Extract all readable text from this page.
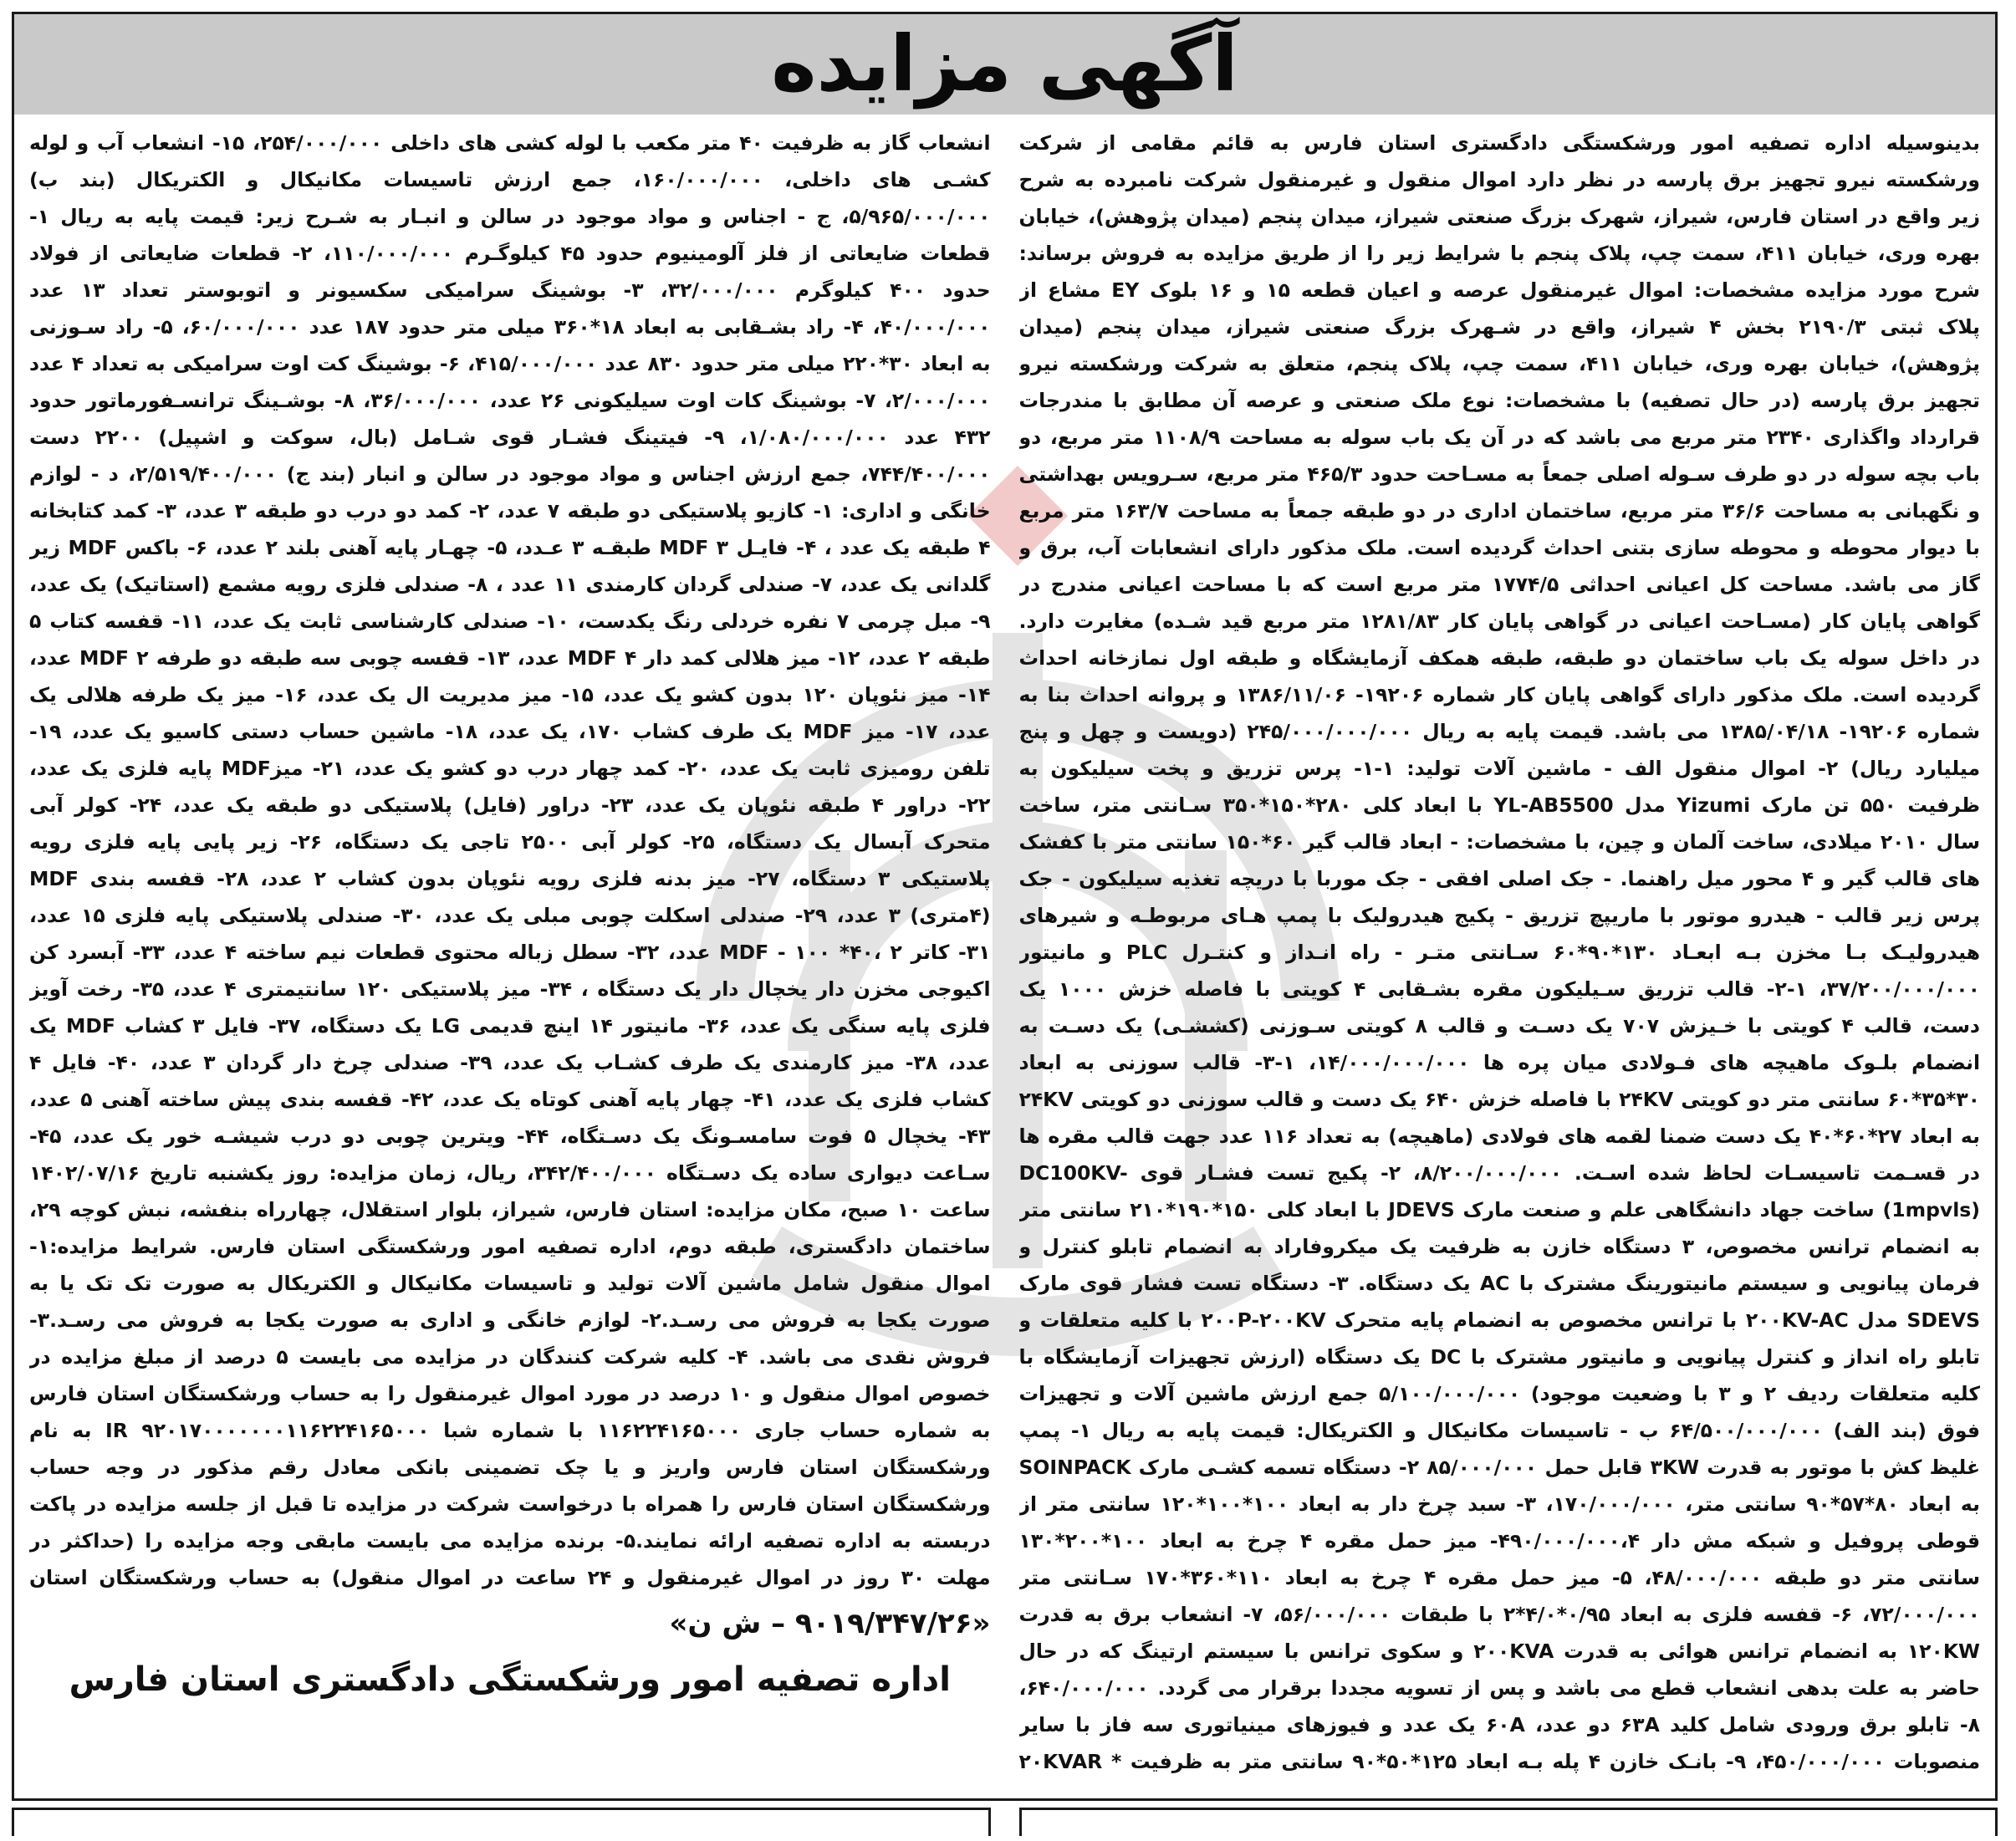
آگهی مزایده

بدینوسیله اداره تصفیه امور ورشکستگی دادگستری استان فارس به قائم مقامی از شرکت ورشکسته نیرو تجهیز برق پارسه در نظر دارد اموال منقول و غیرمنقول شرکت نامبرده به شرح زیر واقع در استان فارس، شیراز، شهرک بزرگ صنعتی شیراز، میدان پنجم (میدان پژوهش)، خیابان بهره وری، خیابان ۴۱۱، سمت چپ، پلاک پنجم با شرایط زیر را از طریق مزایده به فروش برساند: شرح مورد مزایده مشخصات: اموال غیرمنقول عرصه و اعیان قطعه ۱۵ و ۱۶ بلوک EY مشاع از پلاک ثبتی ۲۱۹۰/۳ بخش ۴ شیراز، واقع در شـهرک بزرگ صنعتی شیراز، میدان پنجم (میدان پژوهش)، خیابان بهره وری، خیابان ۴۱۱، سمت چپ، پلاک پنجم، متعلق به شرکت ورشکسته نیرو تجهیز برق پارسه (در حال تصفیه) با مشخصات: نوع ملک صنعتی و عرصه آن مطابق با مندرجات قرارداد واگذاری ۲۳۴۰ متر مربع می باشد که در آن یک باب سوله به مساحت ۱۱۰۸/۹ متر مربع، دو باب بچه سوله در دو طرف سـوله اصلی جمعاً به مسـاحت حدود ۴۶۵/۳ متر مربع، سـرویس بهداشتی و نگهبانی به مساحت ۳۶/۶ متر مربع، ساختمان اداری در دو طبقه جمعاً به مساحت ۱۶۳/۷ متر مربع با دیوار محوطه و محوطه سازی بتنی احداث گردیده است. ملک مذکور دارای انشعابات آب، برق و گاز می باشد. مساحت کل اعیانی احداثی ۱۷۷۴/۵ متر مربع است که با مساحت اعیانی مندرج در گواهی پایان کار (مسـاحت اعیانی در گواهی پایان کار ۱۲۸۱/۸۳ متر مربع قید شـده) مغایرت دارد. در داخل سوله یک باب ساختمان دو طبقه، طبقه همکف آزمایشگاه و طبقه اول نمازخانه احداث گردیده است. ملک مذکور دارای گواهی پایان کار شماره ۱۹۲۰۶- ۱۳۸۶/۱۱/۰۶ و پروانه احداث بنا به شماره ۱۹۲۰۶- ۱۳۸۵/۰۴/۱۸ می باشد. قیمت پایه به ریال ۲۴۵/۰۰۰/۰۰۰/۰۰۰ (دویست و چهل و پنج میلیارد ریال) ۲- اموال منقول الف - ماشین آلات تولید: ۱-۱- پرس تزریق و پخت سیلیکون به ظرفیت ۵۵۰ تن مارک Yizumi مدل YL-AB5500 با ابعاد کلی ۲۸۰*۱۵۰*۳۵۰ سـانتی متر، ساخت سال ۲۰۱۰ میلادی، ساخت آلمان و چین، با مشخصات: - ابعاد قالب گیر ۶۰*۱۵۰ سانتی متر با کفشک های قالب گیر و ۴ محور میل راهنما. - جک اصلی افقی - جک موربا با دریچه تغذیه سیلیکون - جک پرس زیر قالب - هیدرو موتور با ماریپچ تزریق - پکیج هیدرولیک با پمپ هـای مربوطـه و شیرهای هیدرولیـک بـا مخزن بـه ابعـاد ۱۳۰*۹۰*۶۰ سـانتی متـر - راه انـداز و کنتـرل PLC و مانیتور ۳۷/۲۰۰/۰۰۰/۰۰۰، ۱-۲- قالب تزریق سـیلیکون مقره بشـقابی ۴ کویتی با فاصله خزش ۱۰۰۰ یک دست، قالب ۴ کویتی با خـیزش ۷۰۷ یک دسـت و قالب ۸ کویتی سـوزنی (کششـی) یک دسـت به انضمام بلـوک ماهیچه های فـولادی میان پره ها ۱۴/۰۰۰/۰۰۰/۰۰۰، ۱-۳- قالب سوزنی به ابعاد ۳۰*۳۵*۶۰ سانتی متر دو کویتی ۲۴KV با فاصله خزش ۶۴۰ یک دست و قالب سوزنی دو کویتی ۲۴KV به ابعاد ۲۷*۶۰*۴۰ یک دست ضمنا لقمه های فولادی (ماهیچه) به تعداد ۱۱۶ عدد جهت قالب مقره ها در قسـمت تاسیسـات لحاظ شده اسـت. ۸/۲۰۰/۰۰۰/۰۰۰، ۲- پکیج تست فشـار قوی DC100KV-(1mpvls) ساخت جهاد دانشگاهی علم و صنعت مارک JDEVS با ابعاد کلی ۱۵۰*۱۹۰*۲۱۰ سانتی متر به انضمام ترانس مخصوص، ۳ دستگاه خازن به ظرفیت یک میکروفاراد به انضمام تابلو کنترل و فرمان پیانویی و سیستم مانیتورینگ مشترک با AC یک دستگاه. ۳- دستگاه تست فشار قوی مارک SDEVS مدل ۲۰۰KV-AC با ترانس مخصوص به انضمام پایه متحرک ۲۰۰P-۲۰۰KV با کلیه متعلقات و تابلو راه انداز و کنترل پیانویی و مانیتور مشترک با DC یک دستگاه (ارزش تجهیزات آزمایشگاه با کلیه متعلقات ردیف ۲ و ۳ با وضعیت موجود) ۵/۱۰۰/۰۰۰/۰۰۰ جمع ارزش ماشین آلات و تجهیزات فوق (بند الف) ۶۴/۵۰۰/۰۰۰/۰۰۰ ب - تاسیسات مکانیکال و الکتریکال: قیمت پایه به ریال ۱- پمپ غلیظ کش با موتور به قدرت ۳KW قابل حمل ۸۵/۰۰۰/۰۰۰ ۲- دستگاه تسمه کشـی مارک SOINPACK به ابعاد ۸۰*۵۷*۹۰ سانتی متر، ۱۷۰/۰۰۰/۰۰۰، ۳- سبد چرخ دار به ابعاد ۱۰۰*۱۰۰*۱۲۰ سانتی متر از قوطی پروفیل و شبکه مش دار ۴۹۰/۰۰۰/۰۰۰،۴- میز حمل مقره ۴ چرخ به ابعاد ۱۰۰*۲۰۰*۱۳۰ سانتی متر دو طبقه ۴۸/۰۰۰/۰۰۰، ۵- میز حمل مقره ۴ چرخ به ابعاد ۱۱۰*۳۶۰*۱۷۰ سـانتی متر ۷۲/۰۰۰/۰۰۰، ۶- قفسه فلزی به ابعاد ۰/۹۵*۴/۰*۲ با طبقات ۵۶/۰۰۰/۰۰۰، ۷- انشعاب برق به قدرت ۱۲۰KW به انضمام ترانس هوائی به قدرت ۲۰۰KVA و سکوی ترانس با سیستم ارتینگ که در حال حاضر به علت بدهی انشعاب قطع می باشد و پس از تسویه مجددا برقرار می گردد. ۶۴۰/۰۰۰/۰۰۰، ۸- تابلو برق ورودی شامل کلید ۶۳A دو عدد، ۶۰A یک عدد و فیوزهای مینیاتوری سه فاز با سایر منصوبات ۴۵۰/۰۰۰/۰۰۰، ۹- بانـک خازن ۴ پله بـه ابعاد ۱۲۵*۵۰*۹۰ سانتی متر به ظرفیت ۲۰KVAR *

انشعاب گاز به ظرفیت ۴۰ متر مکعب با لوله کشی های داخلی ۲۵۴/۰۰۰/۰۰۰، ۱۵- انشعاب آب و لوله کشـی های داخلی، ۱۶۰/۰۰۰/۰۰۰، جمع ارزش تاسیسات مکانیکال و الکتریکال (بند ب) ۵/۹۶۵/۰۰۰/۰۰۰، ج - اجناس و مواد موجود در سالن و انبـار به شـرح زیر: قیمت پایه به ریال ۱- قطعات ضایعاتی از فلز آلومینیوم حدود ۴۵ کیلوگـرم ۱۱۰/۰۰۰/۰۰۰، ۲- قطعات ضایعاتی از فولاد حدود ۴۰۰ کیلوگرم ۳۲/۰۰۰/۰۰۰، ۳- بوشینگ سرامیکی سکسیونر و اتوبوستر تعداد ۱۳ عدد ۴۰/۰۰۰/۰۰۰، ۴- راد بشـقابی به ابعاد ۱۸*۳۶۰ میلی متر حدود ۱۸۷ عدد ۶۰/۰۰۰/۰۰۰، ۵- راد سـوزنی به ابعاد ۳۰*۲۲۰ میلی متر حدود ۸۳۰ عدد ۴۱۵/۰۰۰/۰۰۰، ۶- بوشینگ کت اوت سرامیکی به تعداد ۴ عدد ۲/۰۰۰/۰۰۰، ۷- بوشینگ کات اوت سیلیکونی ۲۶ عدد، ۳۶/۰۰۰/۰۰۰، ۸- بوشـینگ ترانسـفورماتور حدود ۴۳۲ عدد ۱/۰۸۰/۰۰۰/۰۰۰، ۹- فیتینگ فشـار قوی شـامل (بال، سوکت و اشپیل) ۲۲۰۰ دست ۷۴۴/۴۰۰/۰۰۰، جمع ارزش اجناس و مواد موجود در سالن و انبار (بند ج) ۲/۵۱۹/۴۰۰/۰۰۰، د - لوازم خانگی و اداری: ۱- کازیو پلاستیکی دو طبقه ۷ عدد، ۲- کمد دو درب دو طبقه ۳ عدد، ۳- کمد کتابخانه ۴ طبقه یک عدد ، ۴- فایـل MDF ۳ طبقـه ۳ عـدد، ۵- چهـار پایه آهنی بلند ۲ عدد، ۶- باکس MDF زیر گلدانی یک عدد، ۷- صندلی گردان کارمندی ۱۱ عدد ، ۸- صندلی فلزی رویه مشمع (استاتیک) یک عدد، ۹- مبل چرمی ۷ نفره خردلی رنگ یکدست، ۱۰- صندلی کارشناسی ثابت یک عدد، ۱۱- قفسه کتاب ۵ طبقه ۲ عدد، ۱۲- میز هلالی کمد دار MDF ۴ عدد، ۱۳- قفسه چوبی سه طبقه دو طرفه MDF ۲ عدد، ۱۴- میز نئوپان ۱۲۰ بدون کشو یک عدد، ۱۵- میز مدیریت ال یک عدد، ۱۶- میز یک طرفه هلالی یک عدد، ۱۷- میز MDF یک طرف کشاب ۱۷۰، یک عدد، ۱۸- ماشین حساب دستی کاسیو یک عدد، ۱۹- تلفن رومیزی ثابت یک عدد، ۲۰- کمد چهار درب دو کشو یک عدد، ۲۱- میزMDF پایه فلزی یک عدد، ۲۲- دراور ۴ طبقه نئوپان یک عدد، ۲۳- دراور (فایل) پلاستیکی دو طبقه یک عدد، ۲۴- کولر آبی متحرک آبسال یک دستگاه، ۲۵- کولر آبی ۲۵۰۰ تاجی یک دستگاه، ۲۶- زیر پایی پایه فلزی رویه پلاستیکی ۳ دستگاه، ۲۷- میز بدنه فلزی رویه نئوپان بدون کشاب ۲ عدد، ۲۸- قفسه بندی MDF (۴متری) ۳ عدد، ۲۹- صندلی اسکلت چوبی مبلی یک عدد، ۳۰- صندلی پلاستیکی پایه فلزی ۱۵ عدد، ۳۱- کاتر MDF - ۱۰۰ *۴۰، ۲ عدد، ۳۲- سطل زباله محتوی قطعات نیم ساخته ۴ عدد، ۳۳- آبسرد کن اکیوجی مخزن دار یخچال دار یک دستگاه ، ۳۴- میز پلاستیکی ۱۲۰ سانتیمتری ۴ عدد، ۳۵- رخت آویز فلزی پایه سنگی یک عدد، ۳۶- مانیتور ۱۴ اینچ قدیمی LG یک دستگاه، ۳۷- فایل ۳ کشاب MDF یک عدد، ۳۸- میز کارمندی یک طرف کشـاب یک عدد، ۳۹- صندلی چرخ دار گردان ۳ عدد، ۴۰- فایل ۴ کشاب فلزی یک عدد، ۴۱- چهار پایه آهنی کوتاه یک عدد، ۴۲- قفسه بندی پیش ساخته آهنی ۵ عدد، ۴۳- یخچال ۵ فوت سامسـونگ یک دسـتگاه، ۴۴- ویترین چوبی دو درب شیشـه خور یک عدد، ۴۵- سـاعت دیواری ساده یک دسـتگاه ۳۴۲/۴۰۰/۰۰۰، ریال، زمان مزایده: روز یکشنبه تاریخ ۱۴۰۲/۰۷/۱۶ ساعت ۱۰ صبح، مکان مزایده: استان فارس، شیراز، بلوار استقلال، چهارراه بنفشه، نبش کوچه ۲۹، ساختمان دادگستری، طبقه دوم، اداره تصفیه امور ورشکستگی استان فارس. شرایط مزایده:۱- اموال منقول شامل ماشین آلات تولید و تاسیسات مکانیکال و الکتریکال به صورت تک تک یا به صورت یکجا به فروش می رسـد.۲- لوازم خانگی و اداری به صورت یکجا به فروش می رسـد.۳- فروش نقدی می باشد. ۴- کلیه شرکت کنندگان در مزایده می بایست ۵ درصد از مبلغ مزایده در خصوص اموال منقول و ۱۰ درصد در مورد اموال غیرمنقول را به حساب ورشکستگان استان فارس به شماره حساب جاری ۱۱۶۲۲۴۱۶۵۰۰۰ با شماره شبا IR ۹۲۰۱۷۰۰۰۰۰۰۰۱۱۶۲۲۴۱۶۵۰۰۰ به نام ورشکستگان استان فارس واریز و یا چک تضمینی بانکی معادل رقم مذکور در وجه حساب ورشکستگان استان فارس را همراه با درخواست شرکت در مزایده تا قبل از جلسه مزایده در پاکت دربسته به اداره تصفیه ارائه نمایند.۵- برنده مزایده می بایست مابقی وجه مزایده را (حداکثر در مهلت ۳۰ روز در اموال غیرمنقول و ۲۴ ساعت در اموال منقول) به حساب ورشکستگان استان

«۹۰۱۹/۳۴۷/۲۶ – ش ن»
اداره تصفیه امور ورشکستگی دادگستری استان فارس
